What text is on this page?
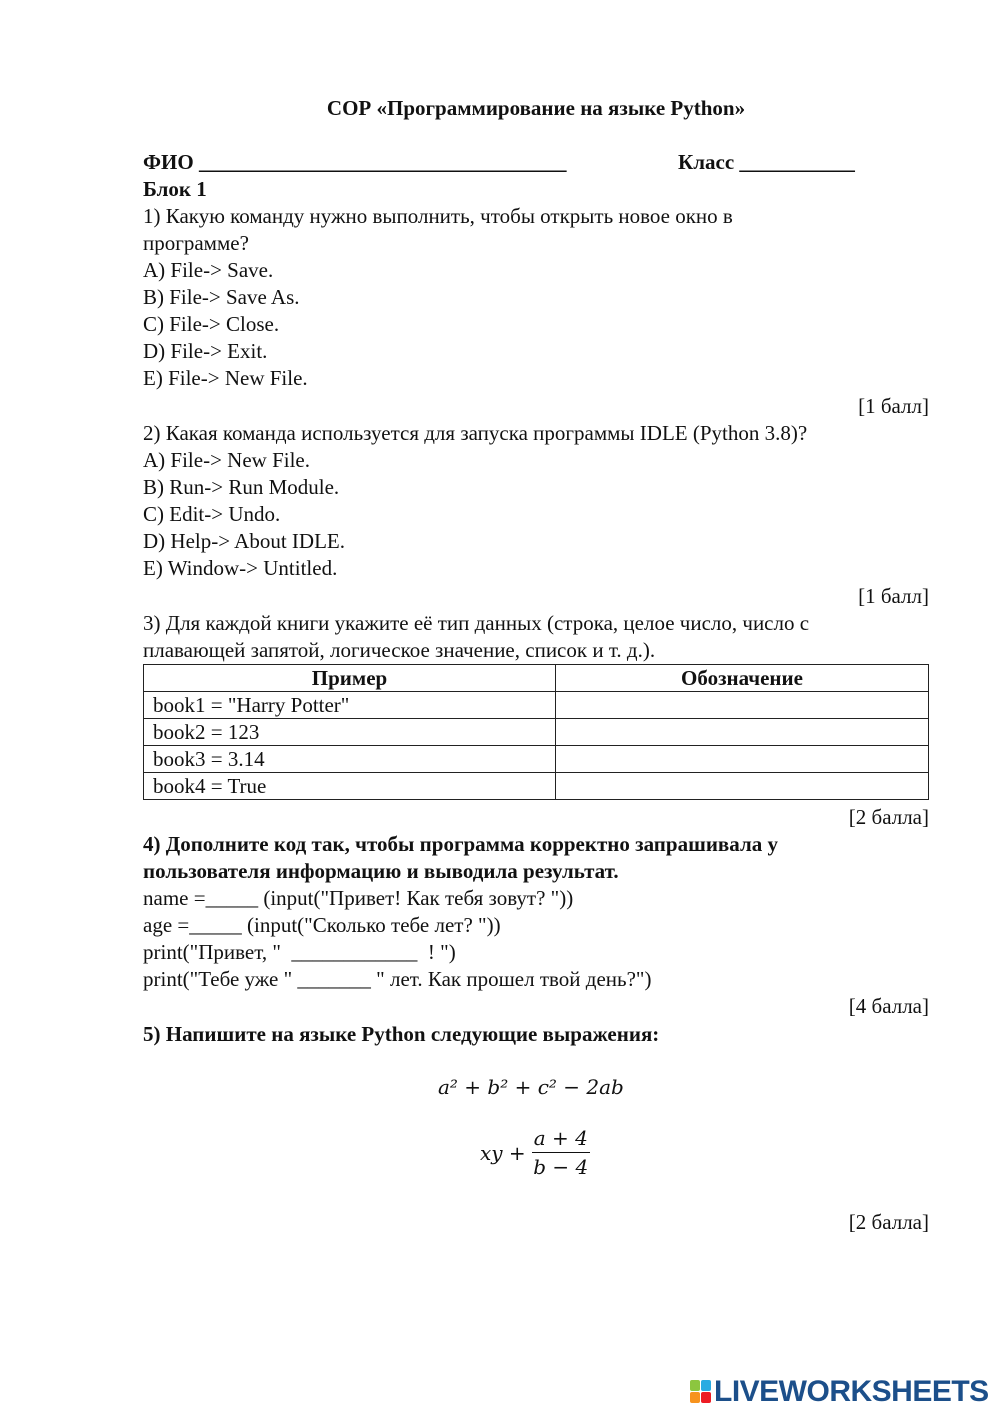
СОР «Программирование на языке Python»
ФИО ___________________________________	Класс ___________
Блок 1
1) Какую команду нужно выполнить, чтобы открыть новое окно в
программе?
A) File-> Save.
B) File-> Save As.
C) File-> Close.
D) File-> Exit.
E) File-> New File.
[1 балл]
2) Какая команда используется для запуска программы IDLE (Python 3.8)?
A) File-> New File.
B) Run-> Run Module.
C) Edit-> Undo.
D) Help-> About IDLE.
E) Window-> Untitled.
[1 балл]
3) Для каждой книги укажите её тип данных (строка, целое число, число с
плавающей запятой, логическое значение, список и т. д.).
Пример	Обозначение
book1 = "Harry Potter"	
book2 = 123	
book3 = 3.14	
book4 = True	
[2 балла]
4) Дополните код так, чтобы программа корректно запрашивала у
пользователя информацию и выводила результат.
name =_____ (input("Привет! Как тебя зовут? "))
age =_____ (input("Сколько тебе лет? "))
print("Привет, "  ____________  ! ")
print("Тебе уже " _______ " лет. Как прошел твой день?")
[4 балла]
5) Напишите на языке Python следующие выражения:
a² + b² + c² − 2ab
xy + $\frac{a + 4}{b - 4}$
[2 балла]
LIVEWORKSHEETS
